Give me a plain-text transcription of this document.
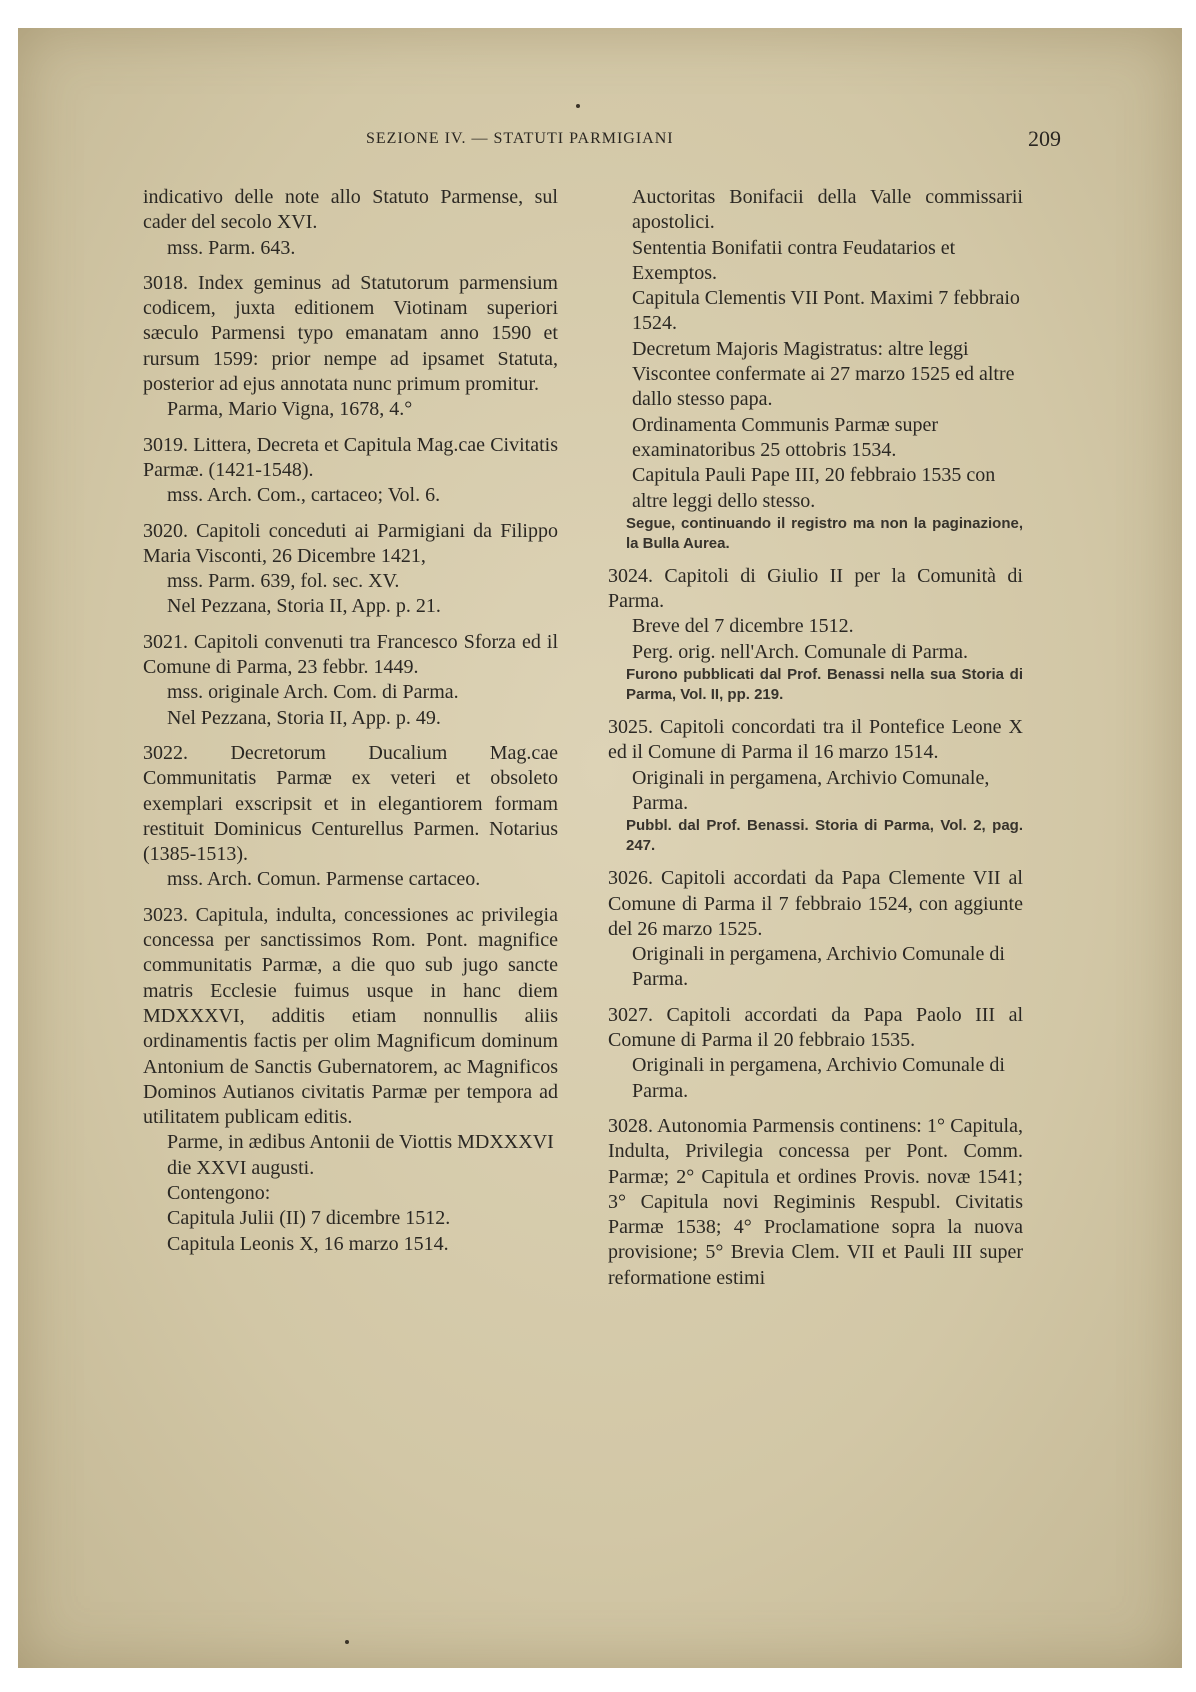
SEZIONE IV. — STATUTI PARMIGIANI	209

indicativo delle note allo Statuto Parmense, sul cader del secolo XVI.

mss. Parm. 643.

3018. Index geminus ad Statutorum parmensium codicem, juxta editionem Viotinam superiori sæculo Parmensi typo emanatam anno 1590 et rursum 1599: prior nempe ad ipsamet Statuta, posterior ad ejus annotata nunc primum promitur.

Parma, Mario Vigna, 1678, 4.°

3019. Littera, Decreta et Capitula Mag.cae Civitatis Parmæ. (1421-1548).

mss. Arch. Com., cartaceo; Vol. 6.

3020. Capitoli conceduti ai Parmigiani da Filippo Maria Visconti, 26 Dicembre 1421,

mss. Parm. 639, fol. sec. XV.

Nel Pezzana, Storia II, App. p. 21.

3021. Capitoli convenuti tra Francesco Sforza ed il Comune di Parma, 23 febbr. 1449.

mss. originale Arch. Com. di Parma.

Nel Pezzana, Storia II, App. p. 49.

3022. Decretorum Ducalium Mag.cae Communitatis Parmæ ex veteri et obsoleto exemplari exscripsit et in elegantiorem formam restituit Dominicus Centurellus Parmen. Notarius (1385-1513).

mss. Arch. Comun. Parmense cartaceo.

3023. Capitula, indulta, concessiones ac privilegia concessa per sanctissimos Rom. Pont. magnifice communitatis Parmæ, a die quo sub jugo sancte matris Ecclesie fuimus usque in hanc diem MDXXXVI, additis etiam nonnullis aliis ordinamentis factis per olim Magnificum dominum Antonium de Sanctis Gubernatorem, ac Magnificos Dominos Autianos civitatis Parmæ per tempora ad utilitatem publicam editis.

Parme, in ædibus Antonii de Viottis MDXXXVI die XXVI augusti.

Contengono:

Capitula Julii (II) 7 dicembre 1512.

Capitula Leonis X, 16 marzo 1514.

Auctoritas Bonifacii della Valle commissarii apostolici.

Sententia Bonifatii contra Feudatarios et Exemptos.

Capitula Clementis VII Pont. Maximi 7 febbraio 1524.

Decretum Majoris Magistratus: altre leggi Viscontee confermate ai 27 marzo 1525 ed altre dallo stesso papa.

Ordinamenta Communis Parmæ super examinatoribus 25 ottobris 1534.

Capitula Pauli Pape III, 20 febbraio 1535 con altre leggi dello stesso.

Segue, continuando il registro ma non la paginazione, la Bulla Aurea.

3024. Capitoli di Giulio II per la Comunità di Parma.

Breve del 7 dicembre 1512.

Perg. orig. nell'Arch. Comunale di Parma.

Furono pubblicati dal Prof. Benassi nella sua Storia di Parma, Vol. II, pp. 219.

3025. Capitoli concordati tra il Pontefice Leone X ed il Comune di Parma il 16 marzo 1514.

Originali in pergamena, Archivio Comunale, Parma.

Pubbl. dal Prof. Benassi. Storia di Parma, Vol. 2, pag. 247.

3026. Capitoli accordati da Papa Clemente VII al Comune di Parma il 7 febbraio 1524, con aggiunte del 26 marzo 1525.

Originali in pergamena, Archivio Comunale di Parma.

3027. Capitoli accordati da Papa Paolo III al Comune di Parma il 20 febbraio 1535.

Originali in pergamena, Archivio Comunale di Parma.

3028. Autonomia Parmensis continens: 1° Capitula, Indulta, Privilegia concessa per Pont. Comm. Parmæ; 2° Capitula et ordines Provis. novæ 1541; 3° Capitula novi Regiminis Respubl. Civitatis Parmæ 1538; 4° Proclamatione sopra la nuova provisione; 5° Brevia Clem. VII et Pauli III super reformatione estimi
